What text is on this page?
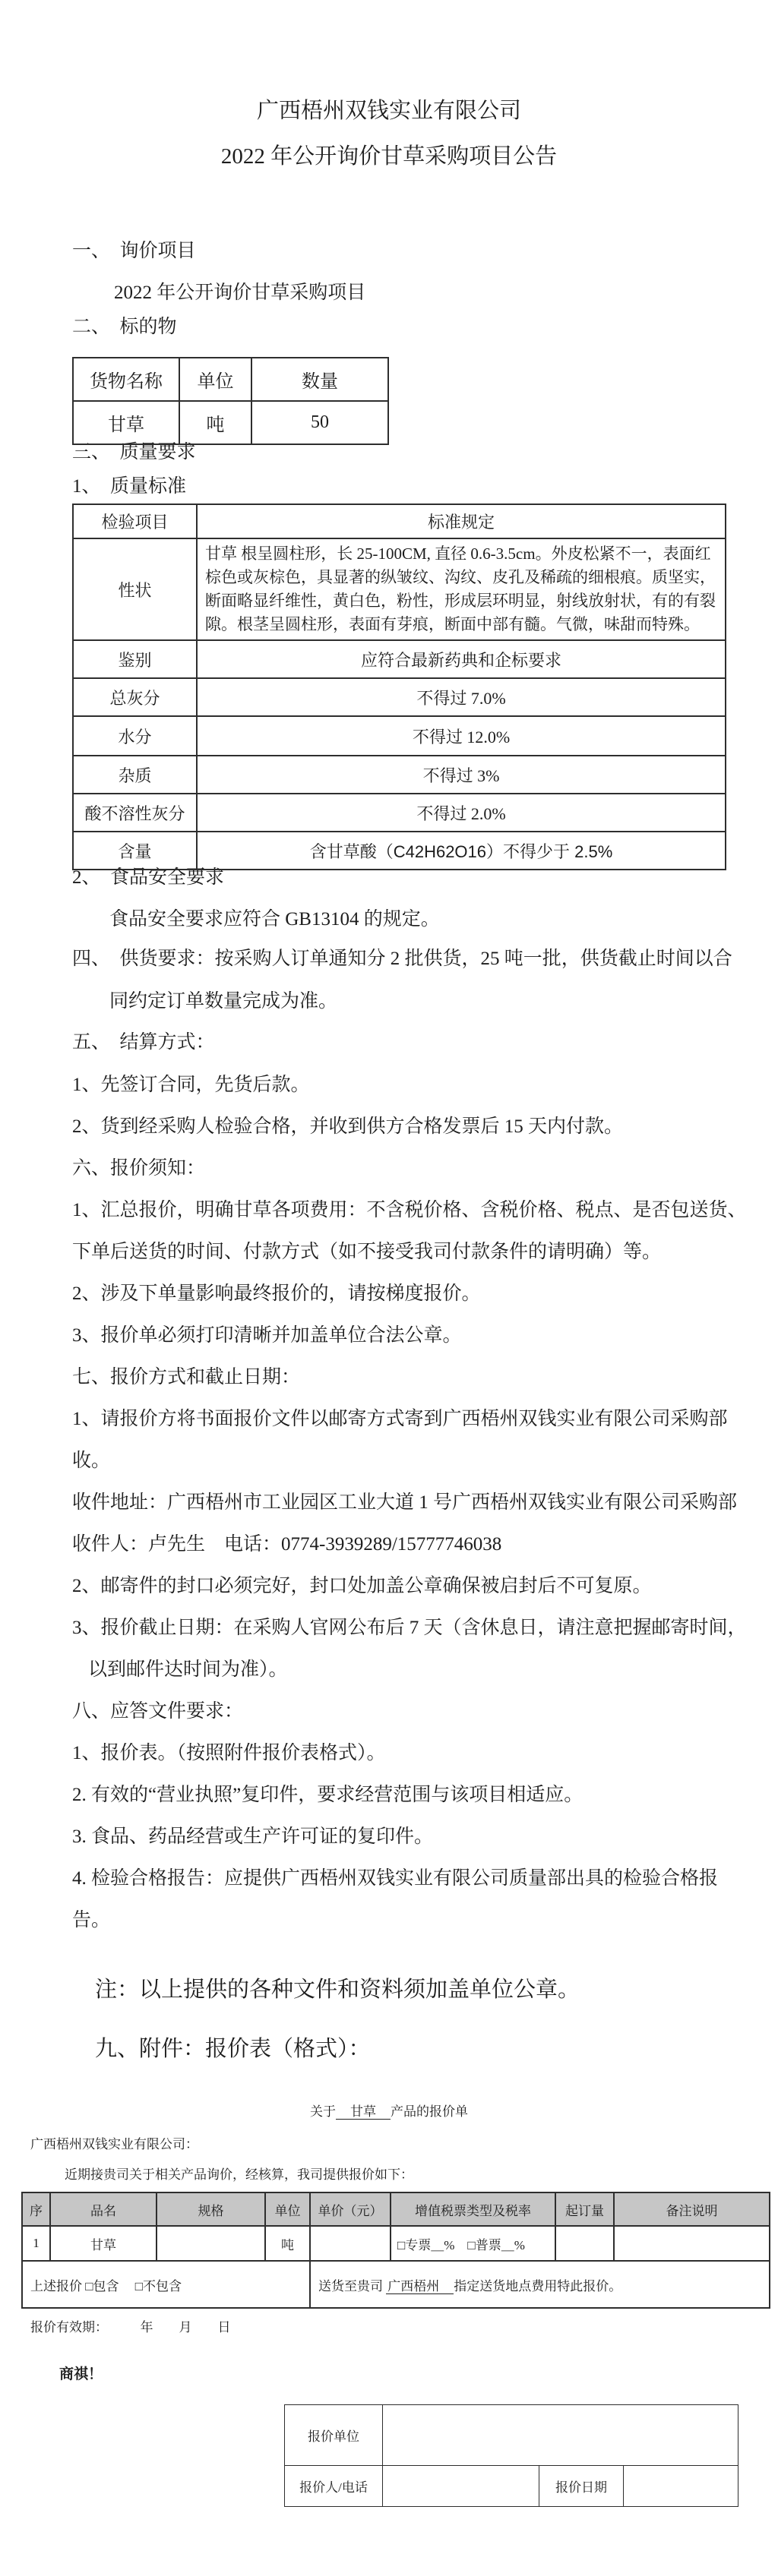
广西梧州双钱实业有限公司
2022 年公开询价甘草采购项目公告
一、　询价项目
2022 年公开询价甘草采购项目
二、　标的物
三、　质量要求
1、　质量标准
2、　食品安全要求
食品安全要求应符合 GB13104 的规定。
四、　供货要求：按采购人订单通知分 2 批供货，25 吨一批，供货截止时间以合
同约定订单数量完成为准。
五、　结算方式：
1、先签订合同，先货后款。
2、货到经采购人检验合格，并收到供方合格发票后 15 天内付款。
六、报价须知：
1、汇总报价，明确甘草各项费用：不含税价格、含税价格、税点、是否包送货、
下单后送货的时间、付款方式（如不接受我司付款条件的请明确）等。
2、涉及下单量影响最终报价的，请按梯度报价。
3、报价单必须打印清晰并加盖单位合法公章。
七、报价方式和截止日期：
1、请报价方将书面报价文件以邮寄方式寄到广西梧州双钱实业有限公司采购部
收。
收件地址：广西梧州市工业园区工业大道 1 号广西梧州双钱实业有限公司采购部
收件人：卢先生　电话：0774-3939289/15777746038
2、邮寄件的封口必须完好，封口处加盖公章确保被启封后不可复原。
3、报价截止日期：在采购人官网公布后 7 天（含休息日，请注意把握邮寄时间，
以到邮件达时间为准）。
八、应答文件要求：
1、报价表。（按照附件报价表格式）。
2. 有效的“营业执照”复印件，要求经营范围与该项目相适应。
3. 食品、药品经营或生产许可证的复印件。
4. 检验合格报告：应提供广西梧州双钱实业有限公司质量部出具的检验合格报
告。
注：以上提供的各种文件和资料须加盖单位公章。
九、附件：报价表（格式）：
货物名称	单位	数量
甘草	吨	50
检验项目	标准规定
性状	甘草 根呈圆柱形，长 25-100CM, 直径 0.6-3.5cm。外皮松紧不一，表面红棕色或灰棕色，具显著的纵皱纹、沟纹、皮孔及稀疏的细根痕。质坚实，断面略显纤维性，黄白色，粉性，形成层环明显，射线放射状，有的有裂隙。根茎呈圆柱形，表面有芽痕，断面中部有髓。气微，味甜而特殊。
鉴别	应符合最新药典和企标要求
总灰分	不得过 7.0%
水分	不得过 12.0%
杂质	不得过 3%
酸不溶性灰分	不得过 2.0%
含量	含甘草酸（C42H62O16）不得少于 2.5%
关于　甘草　产品的报价单
广西梧州双钱实业有限公司：
近期接贵司关于相关产品询价，经核算，我司提供报价如下：
序	品名	规格	单位	单价（元）	增值税票类型及税率	起订量	备注说明
1	甘草		吨		□专票＿%　□普票＿%		
上述报价 □包含　 □不包含				送货至贵司 广西梧州　指定送货地点费用特此报价。			
报价有效期：　　　年　　月　　日
商祺！
报价单位			
报价人/电话		报价日期	
